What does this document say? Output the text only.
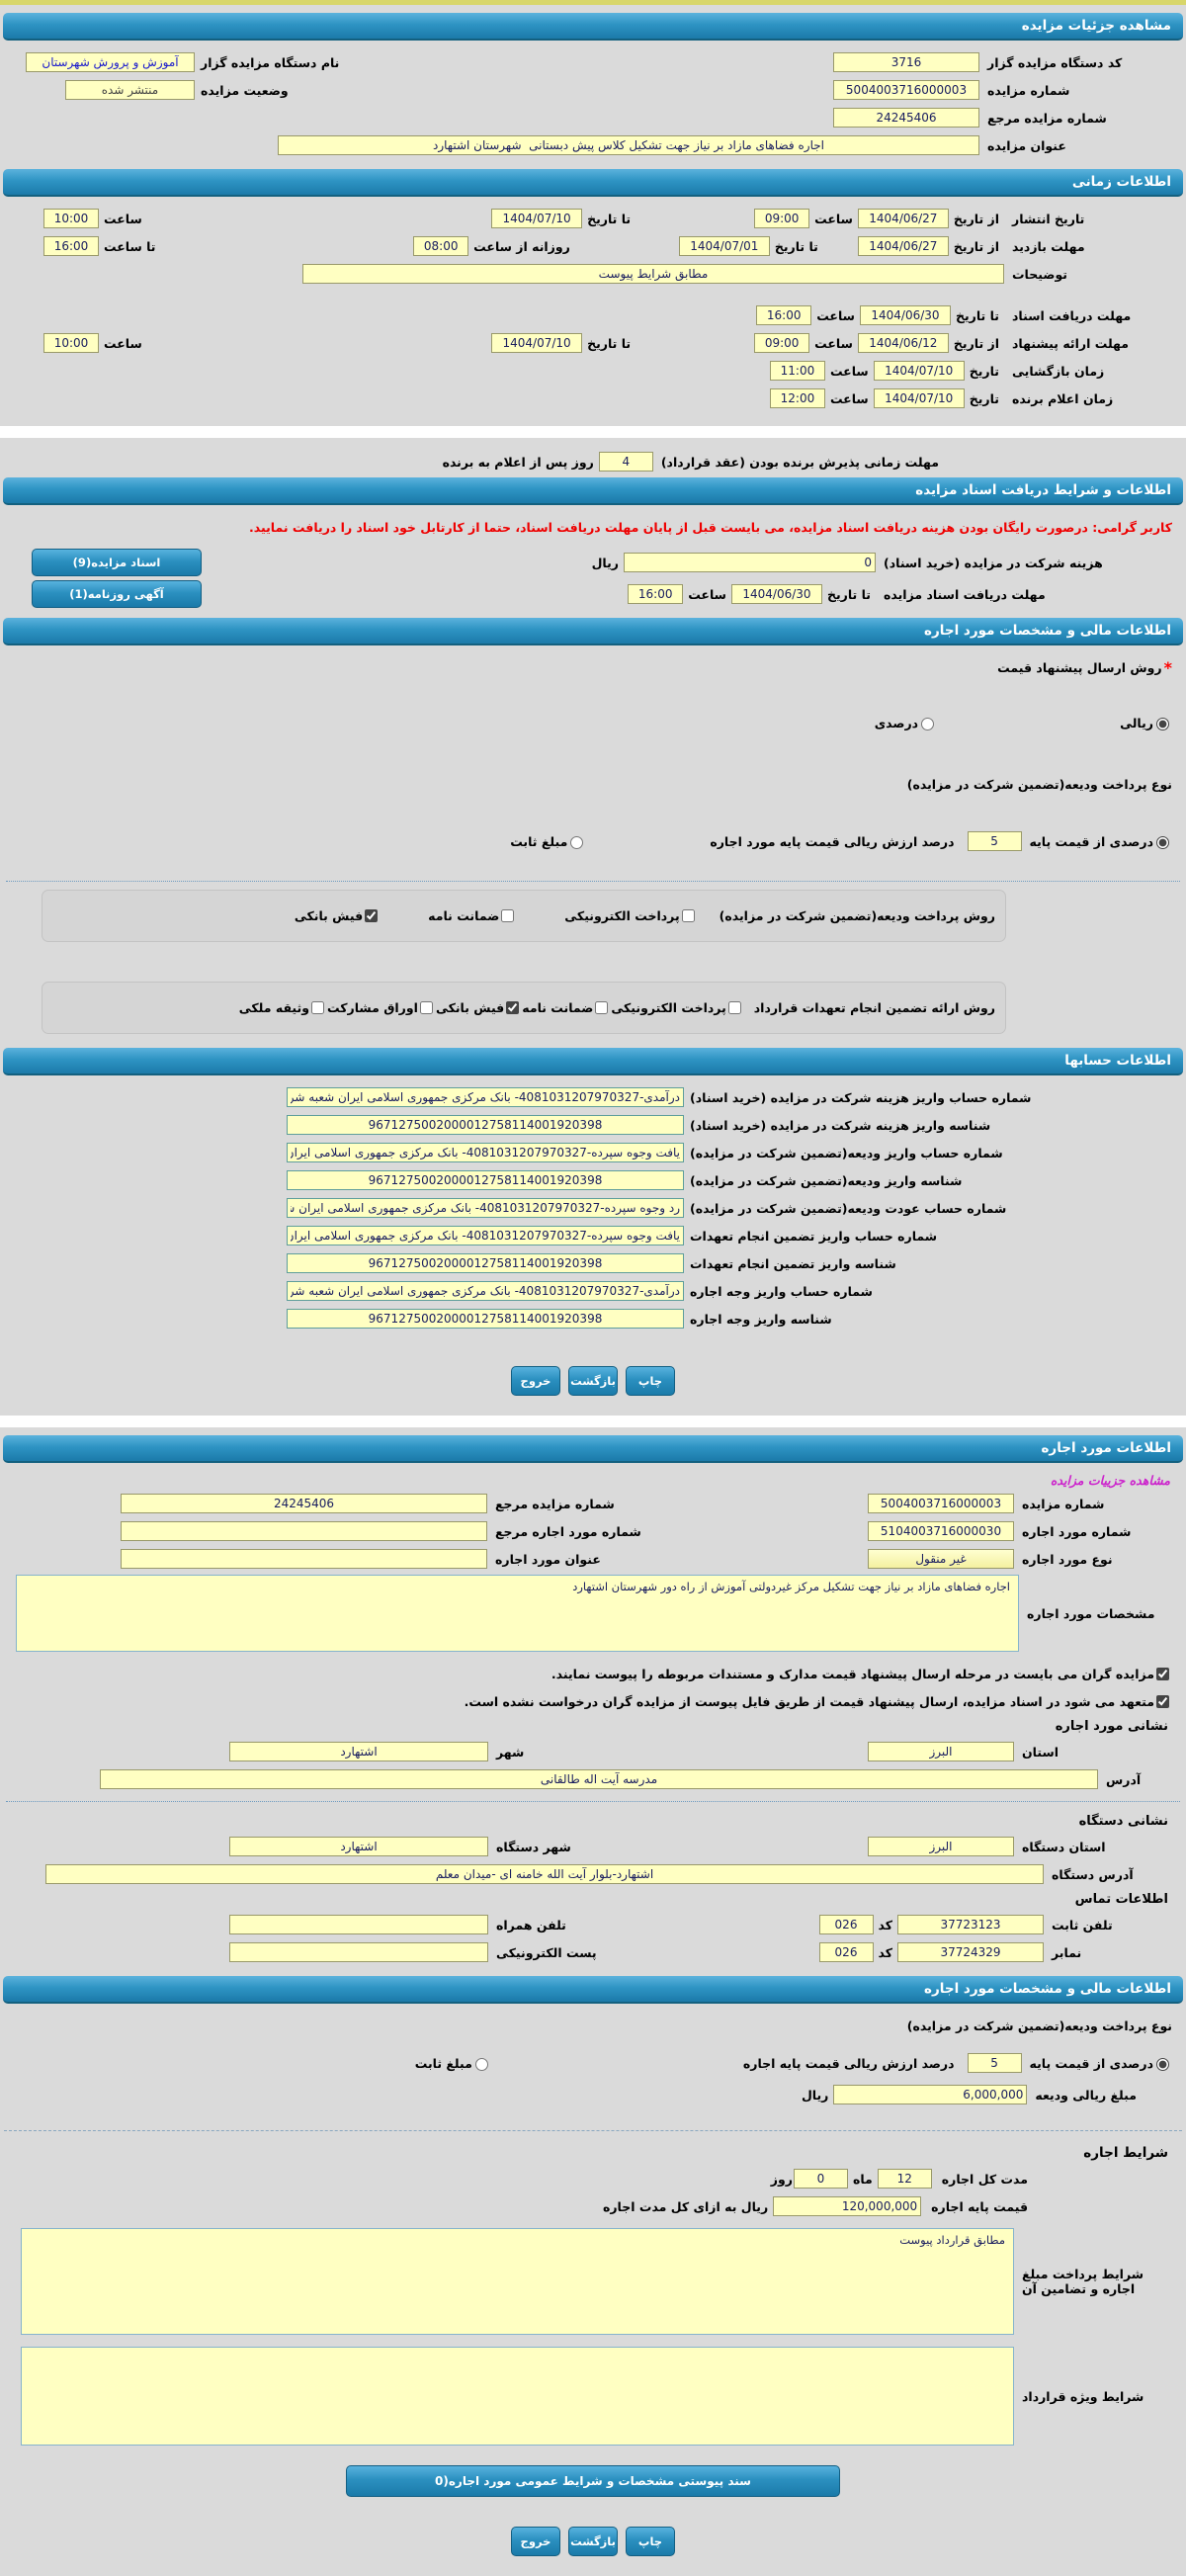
مشاهده جزئیات مزایده
کد دستگاه مزایده گزار
3716
نام دستگاه مزایده گزار
آموزش و پرورش شهرستان
شماره مزایده
5004003716000003
وضعیت مزایده
منتشر شده
شماره مزایده مرجع
24245406
عنوان مزایده
اجاره فضاهای مازاد بر نیاز جهت تشکیل کلاس پیش دبستانی شهرستان اشتهارد
اطلاعات زمانی
تاریخ انتشار
از تاریخ
1404/06/27
ساعت
09:00
تا تاریخ
1404/07/10
ساعت
10:00
مهلت بازدید
از تاریخ
1404/06/27
تا تاریخ
1404/07/01
روزانه از ساعت
08:00
تا ساعت
16:00
توضیحات
مطابق شرایط پیوست
مهلت دریافت اسناد
تا تاریخ
1404/06/30
ساعت
16:00
مهلت ارائه پیشنهاد
از تاریخ
1404/06/12
ساعت
09:00
تا تاریخ
1404/07/10
ساعت
10:00
زمان بازگشایی
تاریخ
1404/07/10
ساعت
11:00
زمان اعلام برنده
تاریخ
1404/07/10
ساعت
12:00
مهلت زمانی پذیرش برنده بودن (عقد قرارداد)
4
روز پس از اعلام به برنده
اطلاعات و شرایط دریافت اسناد مزایده
کاربر گرامی: درصورت رایگان بودن هزینه دریافت اسناد مزایده، می بایست قبل از پایان مهلت دریافت اسناد، حتما از کارتابل خود اسناد را دریافت نمایید.
هزینه شرکت در مزایده (خرید اسناد)
0
ریال
اسناد مزایده(9)
مهلت دریافت اسناد مزایده
تا تاریخ
1404/06/30
ساعت
16:00
آگهی روزنامه(1)
اطلاعات مالی و مشخصات مورد اجاره
*
روش ارسال پیشنهاد قیمت
ریالی
درصدی
نوع پرداخت ودیعه(تضمین شرکت در مزایده)
درصدی از قیمت پایه
5
درصد ارزش ریالی قیمت پایه مورد اجاره
مبلغ ثابت
روش پرداخت ودیعه(تضمین شرکت در مزایده)
پرداخت الکترونیکی
ضمانت نامه
فیش بانکی
روش ارائه تضمین انجام تعهدات قرارداد
پرداخت الکترونیکی
ضمانت نامه
فیش بانکی
اوراق مشارکت
وثیقه ملکی
اطلاعات حسابها
شماره حساب واریز هزینه شرکت در مزایده (خرید اسناد)
درآمدی-4081031207970327- بانک مرکزی جمهوری اسلامی ایران شعبه شریعتی
شناسه واریز هزینه شرکت در مزایده (خرید اسناد)
9671275002000012758114001920398
شماره حساب واریز ودیعه(تضمین شرکت در مزایده)
یافت وجوه سپرده-4081031207970327- بانک مرکزی جمهوری اسلامی ایران شعبه شریعت
شناسه واریز ودیعه(تضمین شرکت در مزایده)
9671275002000012758114001920398
شماره حساب عودت ودیعه(تضمین شرکت در مزایده)
رد وجوه سپرده-4081031207970327- بانک مرکزی جمهوری اسلامی ایران شعبه شریعتی
شماره حساب واریز تضمین انجام تعهدات
یافت وجوه سپرده-4081031207970327- بانک مرکزی جمهوری اسلامی ایران شعبه شریعت
شناسه واریز تضمین انجام تعهدات
9671275002000012758114001920398
شماره حساب واریز وجه اجاره
درآمدی-4081031207970327- بانک مرکزی جمهوری اسلامی ایران شعبه شریعتی
شناسه واریز وجه اجاره
9671275002000012758114001920398
چاپ
بازگشت
خروج
اطلاعات مورد اجاره
مشاهده جزییات مزایده
شماره مزایده
5004003716000003
شماره مزایده مرجع
24245406
شماره مورد اجاره
5104003716000030
شماره مورد اجاره مرجع
نوع مورد اجاره
غیر منقول
عنوان مورد اجاره
مشخصات مورد اجاره
اجاره فضاهای مازاد بر نیاز جهت تشکیل مرکز غیردولتی آموزش از راه دور شهرستان اشتهارد
مزایده گران می بایست در مرحله ارسال پیشنهاد قیمت مدارک و مستندات مربوطه را پیوست نمایند.
متعهد می شود در اسناد مزایده، ارسال پیشنهاد قیمت از طریق فایل پیوست از مزایده گران درخواست نشده است.
نشانی مورد اجاره
استان
البرز
شهر
اشتهارد
آدرس
مدرسه آیت اله طالقانی
نشانی دستگاه
استان دستگاه
البرز
شهر دستگاه
اشتهارد
آدرس دستگاه
اشتهارد-بلوار آیت الله خامنه ای -میدان معلم
اطلاعات تماس
تلفن ثابت
37723123
کد
026
تلفن همراه
نمابر
37724329
کد
026
پست الکترونیکی
اطلاعات مالی و مشخصات مورد اجاره
نوع پرداخت ودیعه(تضمین شرکت در مزایده)
درصدی از قیمت پایه
5
درصد ارزش ریالی قیمت پایه اجاره
مبلغ ثابت
مبلغ ریالی ودیعه
6,000,000
ریال
شرایط اجاره
مدت کل اجاره
12
ماه
0
روز
قیمت پایه اجاره
120,000,000
ریال به ازای کل مدت اجاره
شرایط پرداخت مبلغ اجاره و تضامین آن
مطابق قرارداد پیوست
شرایط ویژه قرارداد
سند پیوستی مشخصات و شرایط عمومی مورد اجاره(0
چاپ
بازگشت
خروج
